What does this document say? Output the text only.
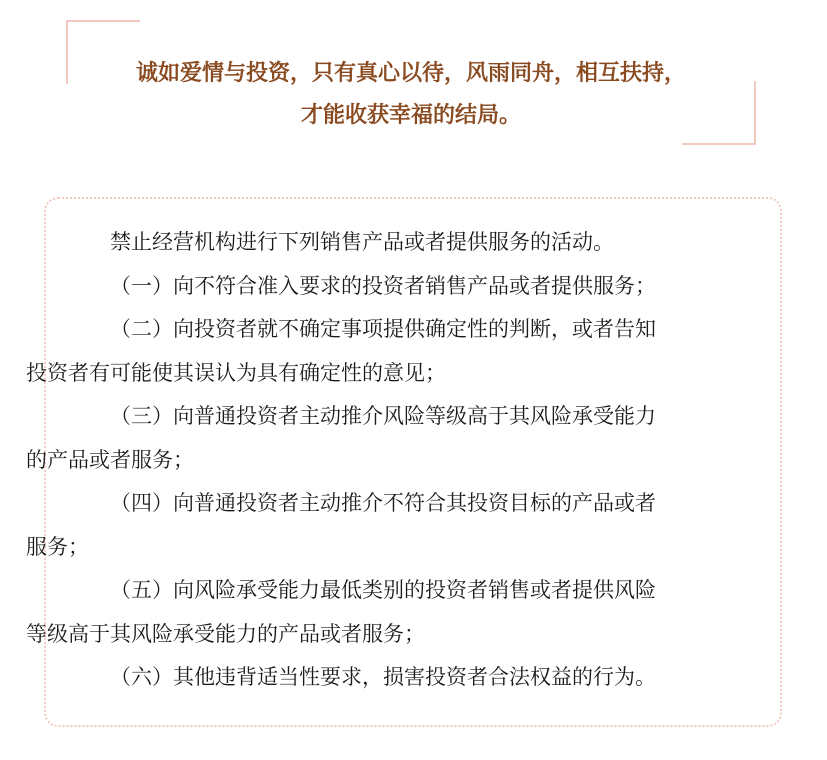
诚如爱情与投资，只有真心以待，风雨同舟，相互扶持，
才能收获幸福的结局。

禁止经营机构进行下列销售产品或者提供服务的活动。

（一）向不符合准入要求的投资者销售产品或者提供服务；

（二）向投资者就不确定事项提供确定性的判断，或者告知
投资者有可能使其误认为具有确定性的意见；

（三）向普通投资者主动推介风险等级高于其风险承受能力
的产品或者服务；

（四）向普通投资者主动推介不符合其投资目标的产品或者
服务；

（五）向风险承受能力最低类别的投资者销售或者提供风险
等级高于其风险承受能力的产品或者服务；

（六）其他违背适当性要求，损害投资者合法权益的行为。
